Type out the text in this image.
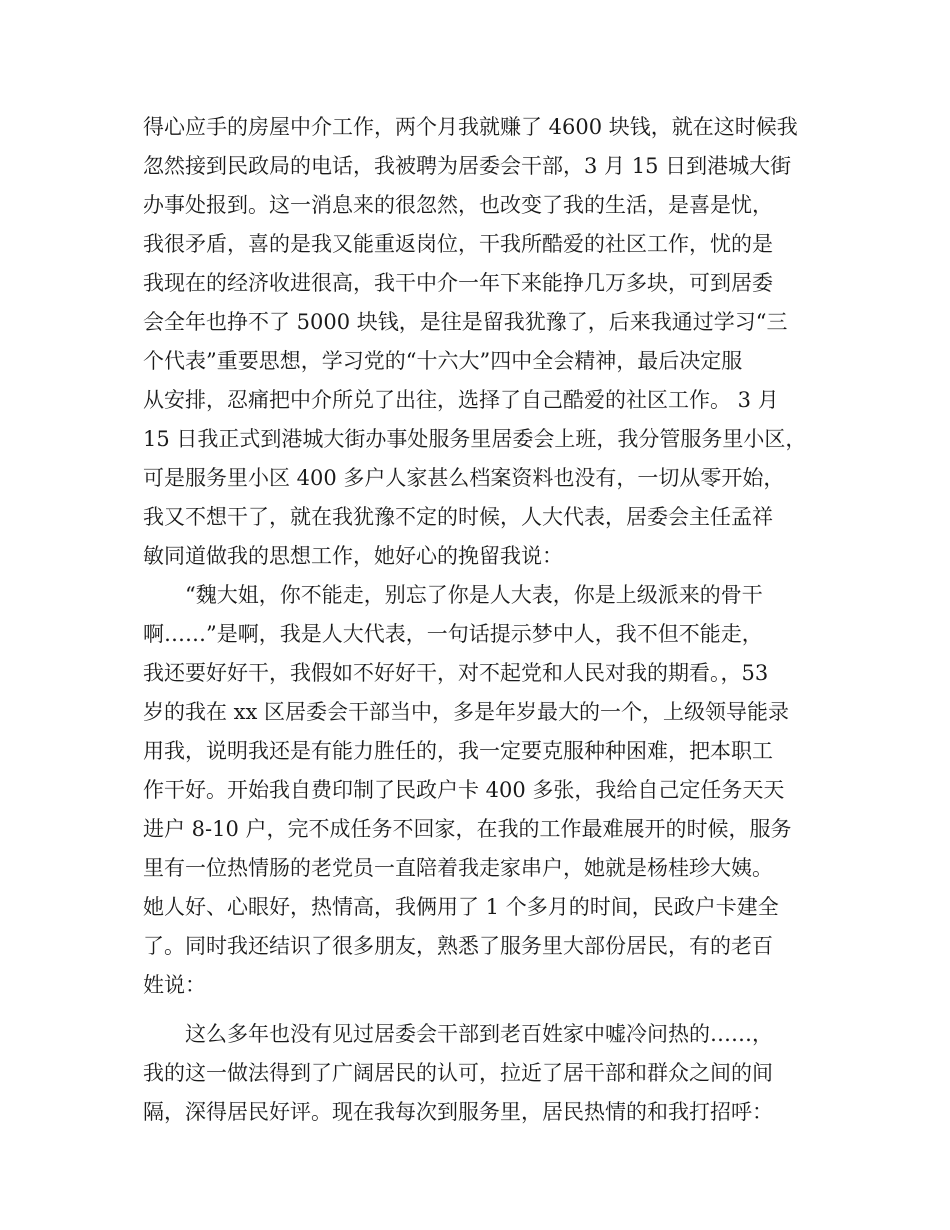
得心应手的房屋中介工作，两个月我就赚了 4600 块钱，就在这时候我
忽然接到民政局的电话，我被聘为居委会干部，3 月 15 日到港城大街
办事处报到。这一消息来的很忽然，也改变了我的生活，是喜是忧，
我很矛盾，喜的是我又能重返岗位，干我所酷爱的社区工作，忧的是
我现在的经济收进很高，我干中介一年下来能挣几万多块，可到居委
会全年也挣不了 5000 块钱，是往是留我犹豫了，后来我通过学习“三
个代表”重要思想，学习党的“十六大”四中全会精神，最后决定服
从安排，忍痛把中介所兑了出往，选择了自己酷爱的社区工作。 3 月
15 日我正式到港城大街办事处服务里居委会上班，我分管服务里小区，
可是服务里小区 400 多户人家甚么档案资料也没有，一切从零开始，
我又不想干了，就在我犹豫不定的时候，人大代表，居委会主任孟祥
敏同道做我的思想工作，她好心的挽留我说：
　　“魏大姐，你不能走，别忘了你是人大表，你是上级派来的骨干
啊……”是啊，我是人大代表，一句话提示梦中人，我不但不能走，
我还要好好干，我假如不好好干，对不起党和人民对我的期看。，53
岁的我在 xx 区居委会干部当中，多是年岁最大的一个，上级领导能录
用我，说明我还是有能力胜任的，我一定要克服种种困难，把本职工
作干好。开始我自费印制了民政户卡 400 多张，我给自己定任务天天
进户 8-10 户，完不成任务不回家，在我的工作最难展开的时候，服务
里有一位热情肠的老党员一直陪着我走家串户，她就是杨桂珍大姨。
她人好、心眼好，热情高，我俩用了 1 个多月的时间，民政户卡建全
了。同时我还结识了很多朋友，熟悉了服务里大部份居民，有的老百
姓说：
　　这么多年也没有见过居委会干部到老百姓家中嘘冷问热的……，
我的这一做法得到了广阔居民的认可，拉近了居干部和群众之间的间
隔，深得居民好评。现在我每次到服务里，居民热情的和我打招呼：
